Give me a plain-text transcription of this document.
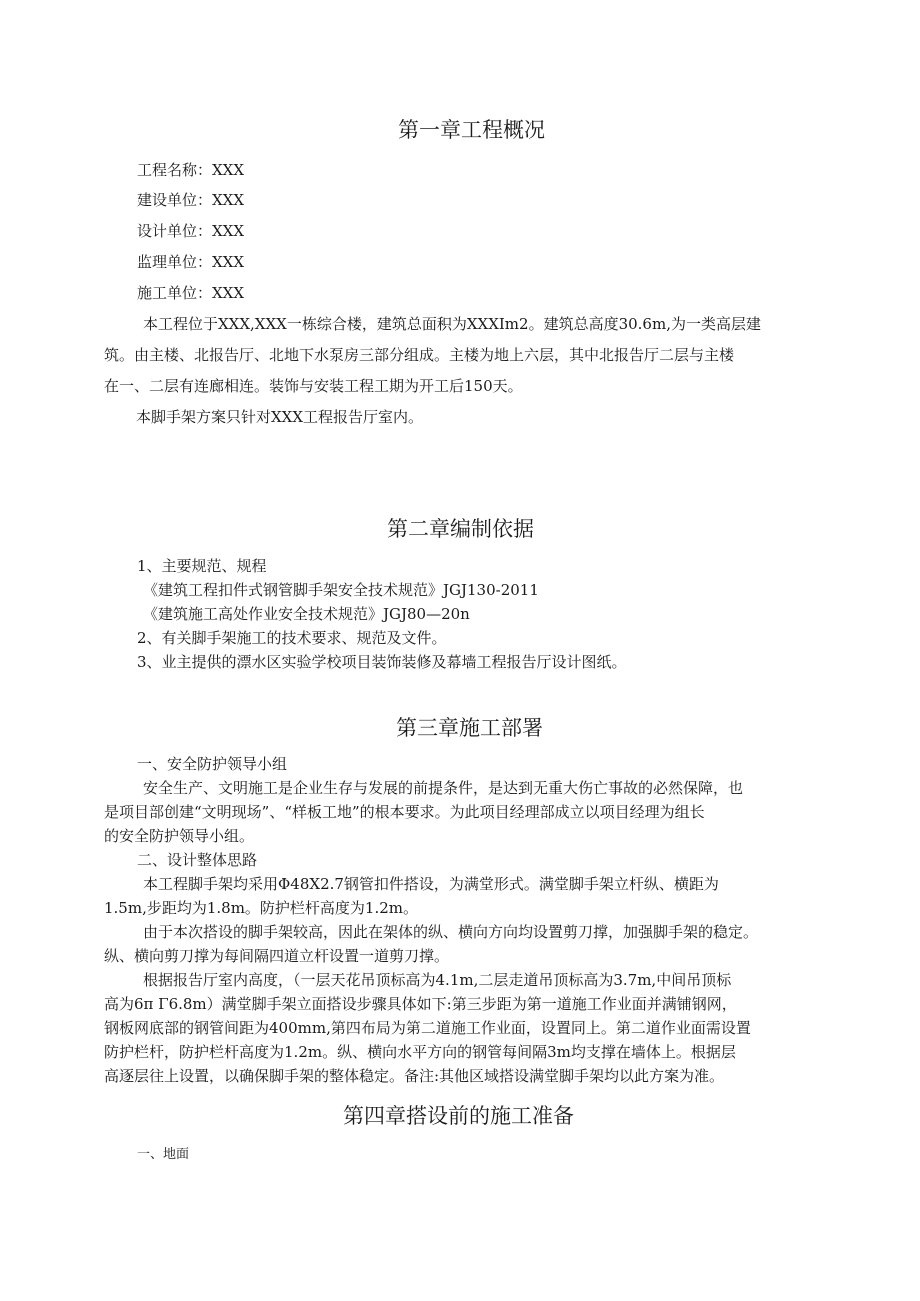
第一章工程概况
工程名称：XXX
建设单位：XXX
设计单位：XXX
监理单位：XXX
施工单位：XXX
本工程位于XXX,XXX一栋综合楼，建筑总面积为XXXIm2。建筑总高度30.6m,为一类高层建
筑。由主楼、北报告厅、北地下水泵房三部分组成。主楼为地上六层，其中北报告厅二层与主楼
在一、二层有连廊相连。装饰与安装工程工期为开工后150天。
本脚手架方案只针对XXX工程报告厅室内。
第二章编制依据
1、主要规范、规程
《建筑工程扣件式钢管脚手架安全技术规范》JGJ130-2011
《建筑施工高处作业安全技术规范》JGJ80—20n
2、有关脚手架施工的技术要求、规范及文件。
3、业主提供的漂水区实验学校项目装饰装修及幕墙工程报告厅设计图纸。
第三章施工部署
一、安全防护领导小组
安全生产、文明施工是企业生存与发展的前提条件，是达到无重大伤亡事故的必然保障，也
是项目部创建“文明现场”、“样板工地”的根本要求。为此项目经理部成立以项目经理为组长
的安全防护领导小组。
二、设计整体思路
本工程脚手架均采用Φ48X2.7钢管扣件搭设，为满堂形式。满堂脚手架立杆纵、横距为
1.5m,步距均为1.8m。防护栏杆高度为1.2m。
由于本次搭设的脚手架较高，因此在架体的纵、横向方向均设置剪刀撑，加强脚手架的稳定。
纵、横向剪刀撑为每间隔四道立杆设置一道剪刀撑。
根据报告厅室内高度，（一层天花吊顶标高为4.1m,二层走道吊顶标高为3.7m,中间吊顶标
高为6π Γ6.8m）满堂脚手架立面搭设步骤具体如下:第三步距为第一道施工作业面并满铺钢网，
钢板网底部的钢管间距为400mm,第四布局为第二道施工作业面，设置同上。第二道作业面需设置
防护栏杆，防护栏杆高度为1.2m。纵、横向水平方向的钢管每间隔3m均支撑在墙体上。根据层
高逐层往上设置，以确保脚手架的整体稳定。备注:其他区域搭设满堂脚手架均以此方案为准。
第四章搭设前的施工准备
一、地面
